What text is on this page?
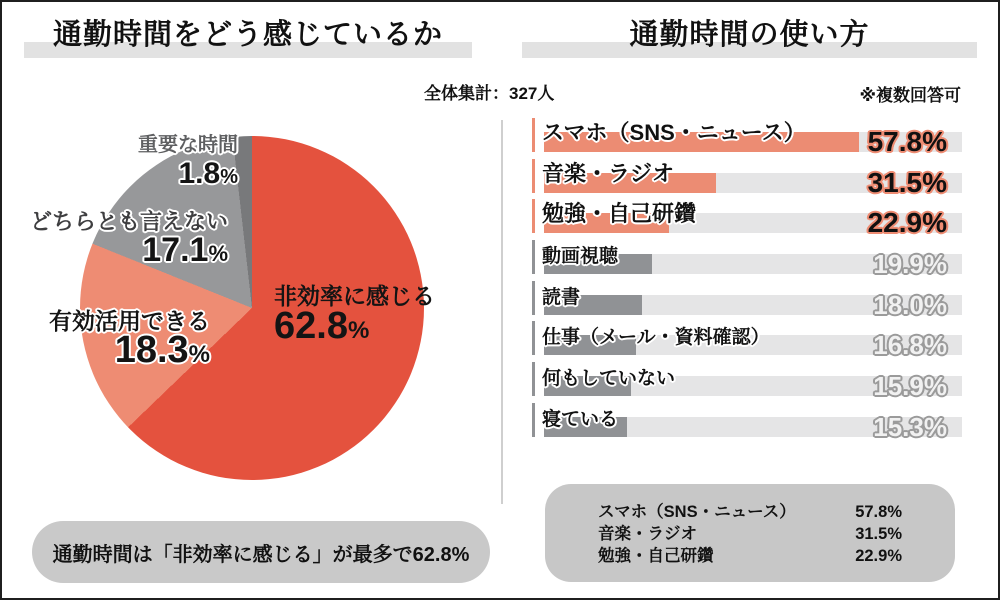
通勤時間をどう感じているか	通勤時間の使い方
全体集計：327人	※複数回答可
非効率に感じる
62.8%
有効活用できる
18.3%
どちらとも言えない
17.1%
重要な時間
1.8%
スマホ（SNS・ニュース） 57.8%
音楽・ラジオ	31.5%
勉強・自己研鑽	22.9%
動画視聴	19.9%
読書	18.0%
仕事（メール・資料確認）	16.8%
何もしていない	15.9%
寝ている	15.3%
通勤時間は「非効率に感じる」が最多で62.8%
スマホ（SNS・ニュース）	57.8%
音楽・ラジオ	31.5%
勉強・自己研鑽	22.9%
